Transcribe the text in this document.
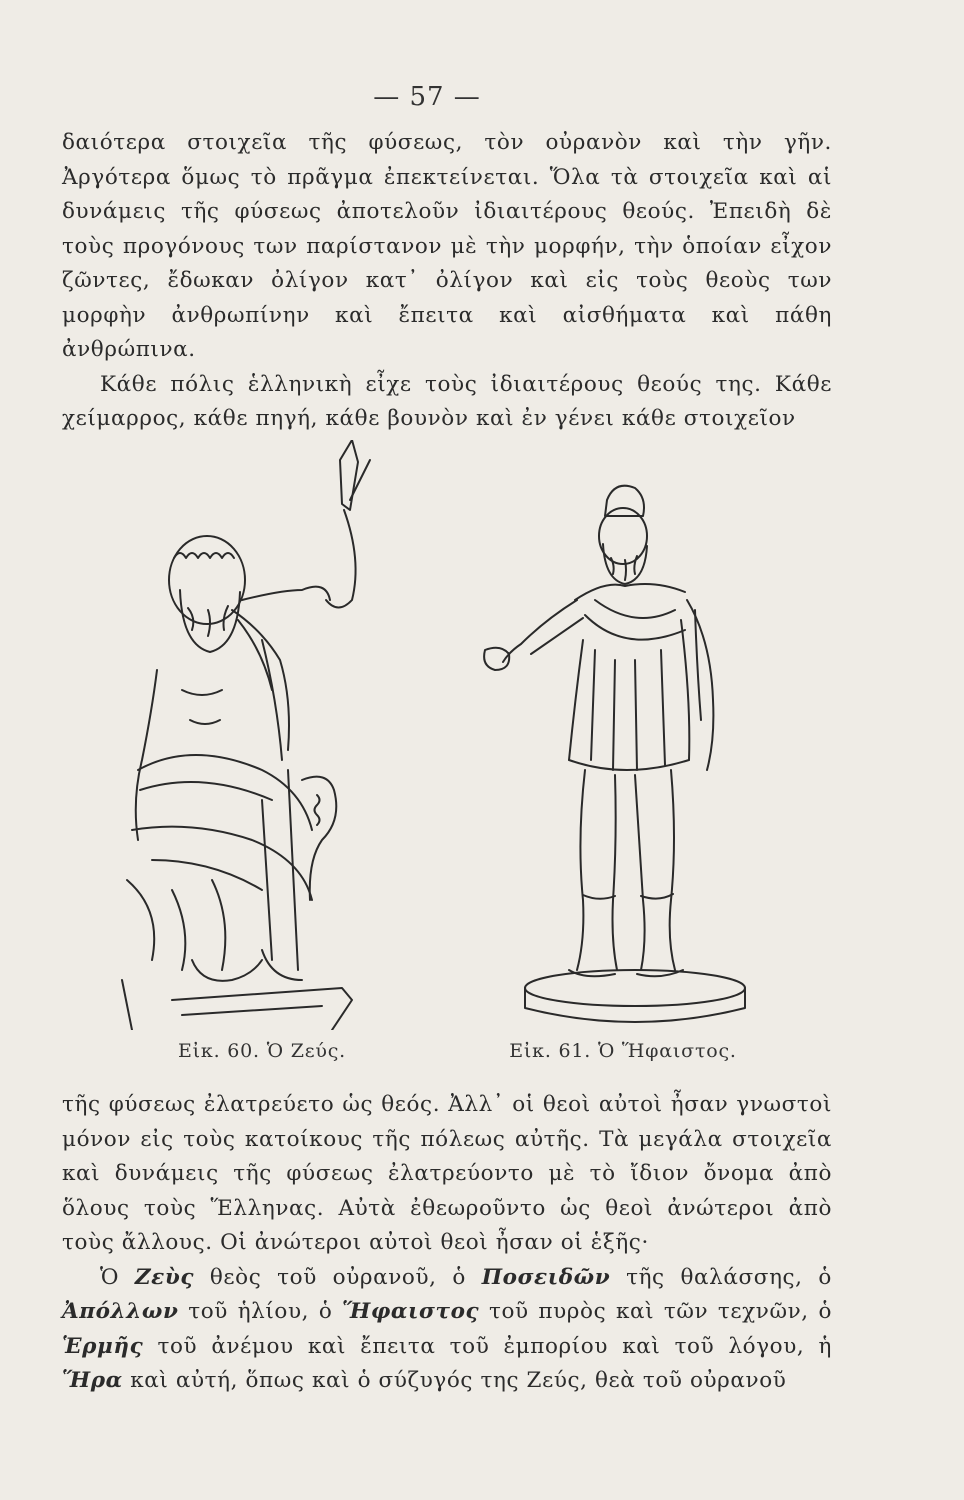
— 57 —

δαιότερα στοιχεῖα τῆς φύσεως, τὸν οὐρανὸν καὶ τὴν γῆν. Ἀργότερα ὅμως τὸ πρᾶγμα ἐπεκτείνεται. Ὅλα τὰ στοιχεῖα καὶ αἱ δυνάμεις τῆς φύσεως ἀποτελοῦν ἰδιαιτέρους θεούς. Ἐπειδὴ δὲ τοὺς προγόνους των παρίστανον μὲ τὴν μορφήν, τὴν ὁποίαν εἶχον ζῶντες, ἔδωκαν ὀλίγον κατ᾽ ὀλίγον καὶ εἰς τοὺς θεοὺς των μορφὴν ἀνθρωπίνην καὶ ἔπειτα καὶ αἰσθήματα καὶ πάθη ἀνθρώπινα.

Κάθε πόλις ἑλληνικὴ εἶχε τοὺς ἰδιαιτέρους θεούς της. Κάθε χείμαρρος, κάθε πηγή, κάθε βουνὸν καὶ ἐν γένει κάθε στοιχεῖον

Εἰκ. 60. Ὁ Ζεύς.	Εἰκ. 61. Ὁ Ἥφαιστος.

τῆς φύσεως ἐλατρεύετο ὡς θεός. Ἀλλ᾽ οἱ θεοὶ αὐτοὶ ἦσαν γνωστοὶ μόνον εἰς τοὺς κατοίκους τῆς πόλεως αὐτῆς. Τὰ μεγάλα στοιχεῖα καὶ δυνάμεις τῆς φύσεως ἐλατρεύοντο μὲ τὸ ἴδιον ὄνομα ἀπὸ ὅλους τοὺς Ἕλληνας. Αὐτὰ ἐθεωροῦντο ὡς θεοὶ ἀνώτεροι ἀπὸ τοὺς ἄλλους. Οἱ ἀνώτεροι αὐτοὶ θεοὶ ἦσαν οἱ ἑξῆς·

Ὁ Ζεὺς θεὸς τοῦ οὐρανοῦ, ὁ Ποσειδῶν τῆς θαλάσσης, ὁ Ἀπόλλων τοῦ ἡλίου, ὁ Ἥφαιστος τοῦ πυρὸς καὶ τῶν τεχνῶν, ὁ Ἑρμῆς τοῦ ἀνέμου καὶ ἔπειτα τοῦ ἐμπορίου καὶ τοῦ λόγου, ἡ Ἥρα καὶ αὐτή, ὅπως καὶ ὁ σύζυγός της Ζεύς, θεὰ τοῦ οὐρανοῦ
